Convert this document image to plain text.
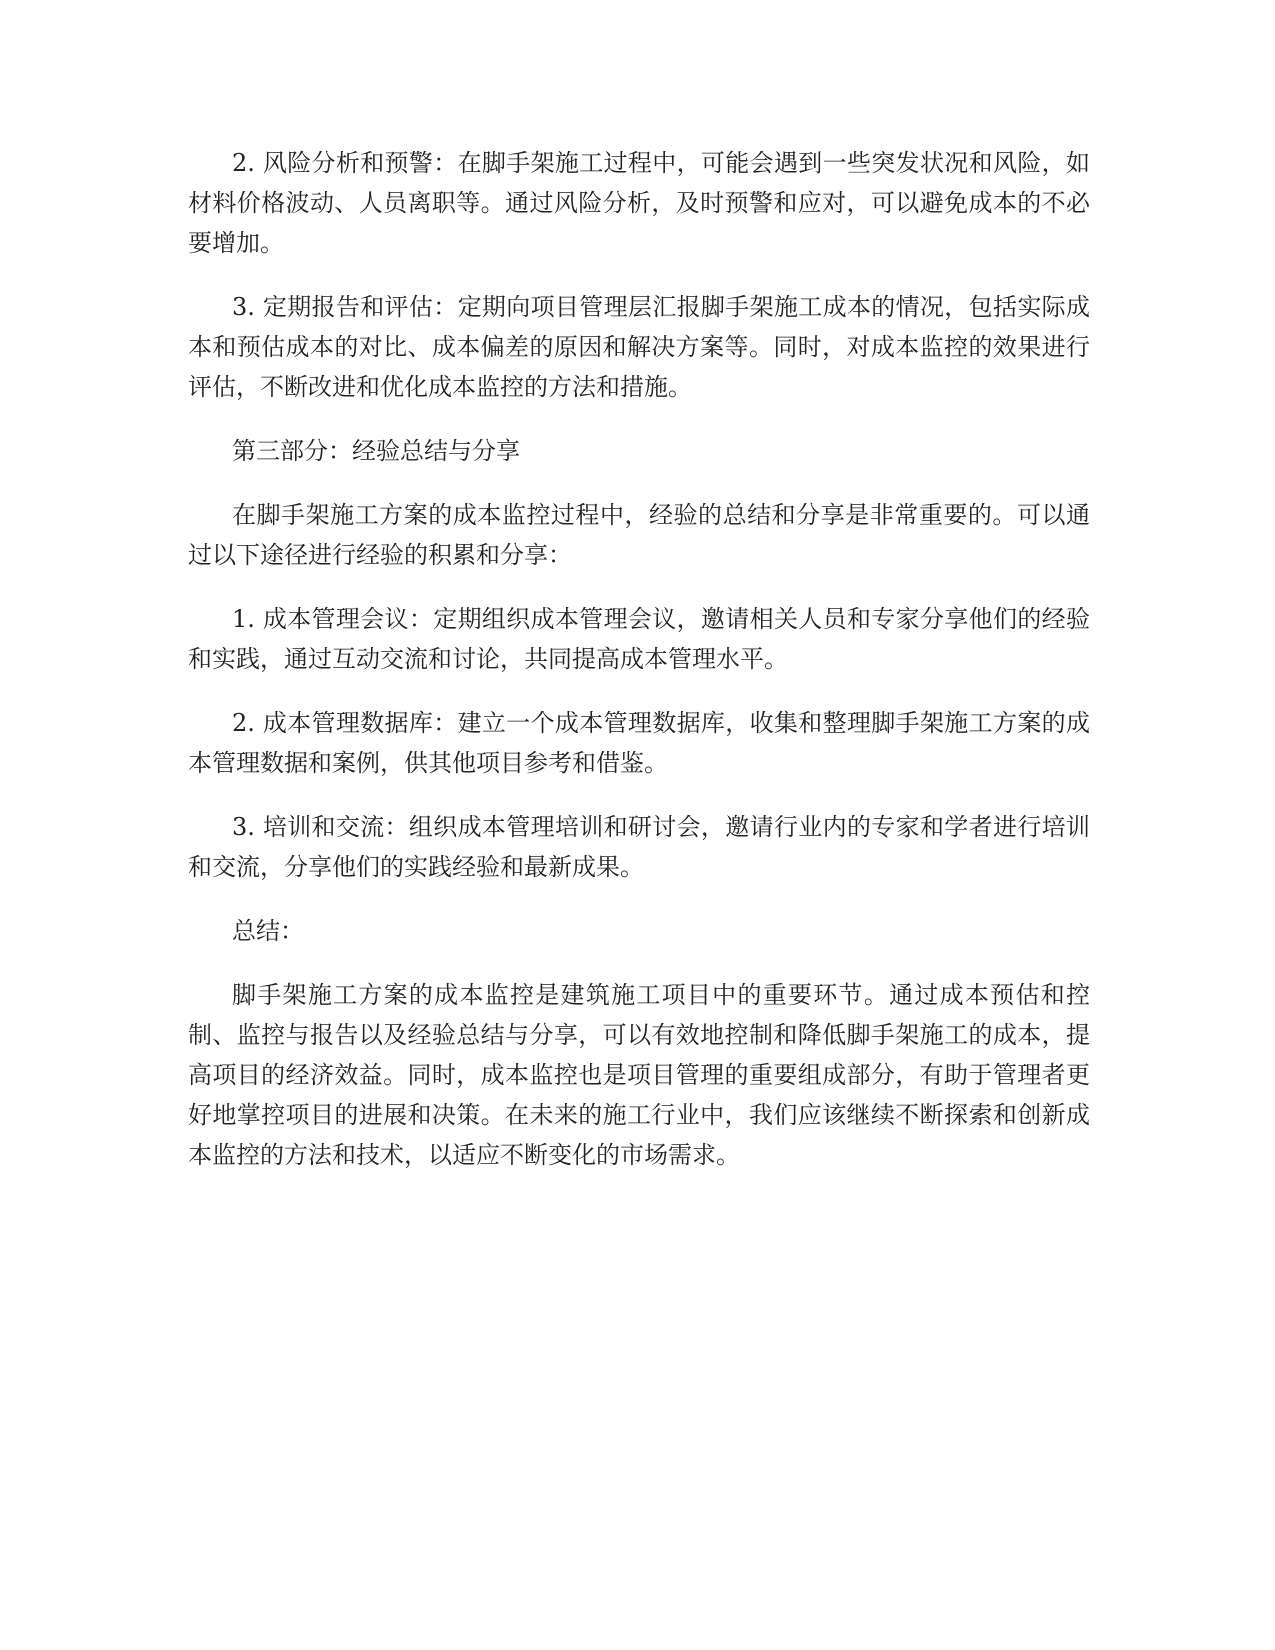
2. 风险分析和预警：在脚手架施工过程中，可能会遇到一些突发状况和风险，如材料价格波动、人员离职等。通过风险分析，及时预警和应对，可以避免成本的不必要增加。

3. 定期报告和评估：定期向项目管理层汇报脚手架施工成本的情况，包括实际成本和预估成本的对比、成本偏差的原因和解决方案等。同时，对成本监控的效果进行评估，不断改进和优化成本监控的方法和措施。

第三部分：经验总结与分享

在脚手架施工方案的成本监控过程中，经验的总结和分享是非常重要的。可以通过以下途径进行经验的积累和分享：

1. 成本管理会议：定期组织成本管理会议，邀请相关人员和专家分享他们的经验和实践，通过互动交流和讨论，共同提高成本管理水平。

2. 成本管理数据库：建立一个成本管理数据库，收集和整理脚手架施工方案的成本管理数据和案例，供其他项目参考和借鉴。

3. 培训和交流：组织成本管理培训和研讨会，邀请行业内的专家和学者进行培训和交流，分享他们的实践经验和最新成果。

总结：

脚手架施工方案的成本监控是建筑施工项目中的重要环节。通过成本预估和控制、监控与报告以及经验总结与分享，可以有效地控制和降低脚手架施工的成本，提高项目的经济效益。同时，成本监控也是项目管理的重要组成部分，有助于管理者更好地掌控项目的进展和决策。在未来的施工行业中，我们应该继续不断探索和创新成本监控的方法和技术，以适应不断变化的市场需求。
